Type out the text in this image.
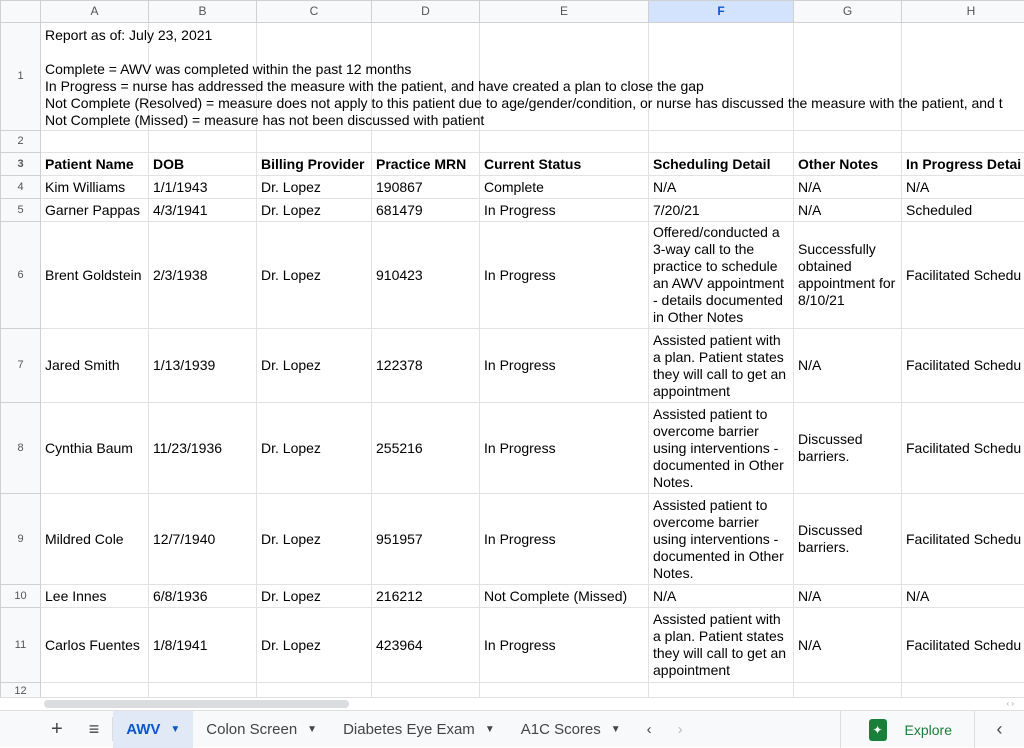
	A	B	C	D	E	F	G	H
1	Report as of: July 23, 2021

Complete = AWV was completed within the past 12 months
In Progress = nurse has addressed the measure with the patient, and have created a plan to close the gap
Not Complete (Resolved) = measure does not apply to this patient due to age/gender/condition, or nurse has discussed the measure with the patient, and t
Not Complete (Missed) = measure has not been discussed with patient							
2								
3	Patient Name	DOB	Billing Provider	Practice MRN	Current Status	Scheduling Detail	Other Notes	In Progress Detai
4	Kim Williams	1/1/1943	Dr. Lopez	190867	Complete	N/A	N/A	N/A
5	Garner Pappas	4/3/1941	Dr. Lopez	681479	In Progress	7/20/21	N/A	Scheduled
6	Brent Goldstein	2/3/1938	Dr. Lopez	910423	In Progress	Offered/conducted a 3-way call to the practice to schedule an AWV appointment - details documented in Other Notes	Successfully obtained appointment for 8/10/21	Facilitated Schedu
7	Jared Smith	1/13/1939	Dr. Lopez	122378	In Progress	Assisted patient with a plan. Patient states they will call to get an appointment	N/A	Facilitated Schedu
8	Cynthia Baum	11/23/1936	Dr. Lopez	255216	In Progress	Assisted patient to overcome barrier using interventions - documented in Other Notes.	Discussed barriers.	Facilitated Schedu
9	Mildred Cole	12/7/1940	Dr. Lopez	951957	In Progress	Assisted patient to overcome barrier using interventions - documented in Other Notes.	Discussed barriers.	Facilitated Schedu
10	Lee Innes	6/8/1936	Dr. Lopez	216212	Not Complete (Missed)	N/A	N/A	N/A
11	Carlos Fuentes	1/8/1941	Dr. Lopez	423964	In Progress	Assisted patient with a plan. Patient states they will call to get an appointment	N/A	Facilitated Schedu
12								
‹ ›
+ ≡ AWV ▼ Colon Screen ▼ Diabetes Eye Exam ▼ A1C Scores ▼ ‹ ›	✦ Explore ‹
